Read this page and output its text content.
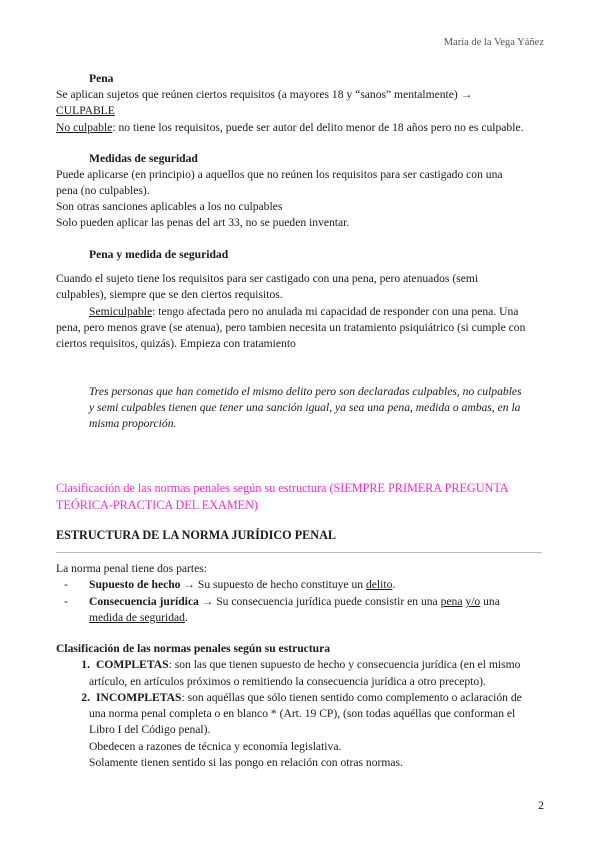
María de la Vega Yáñez
Pena
Se aplican sujetos que reúnen ciertos requisitos (a mayores 18 y “sanos” mentalmente) →
CULPABLE
No culpable: no tiene los requisitos, puede ser autor del delito menor de 18 años pero no es culpable.
Medidas de seguridad
Puede aplicarse (en principio) a aquellos que no reúnen los requisitos para ser castigado con una
pena (no culpables).
Son otras sanciones aplicables a los no culpables
Solo pueden aplicar las penas del art 33, no se pueden inventar.
Pena y medida de seguridad
Cuando el sujeto tiene los requisitos para ser castigado con una pena, pero atenuados (semi
culpables), siempre que se den ciertos requisitos.
Semiculpable: tengo afectada pero no anulada mi capacidad de responder con una pena. Una
pena, pero menos grave (se atenua), pero tambien necesita un tratamiento psiquiátrico (si cumple con
ciertos requisitos, quizás). Empieza con tratamiento
Tres personas que han cometido el mismo delito pero son declaradas culpables, no culpables
y semi culpables tienen que tener una sanción igual, ya sea una pena, medida o ambas, en la
misma proporción.
Clasificación de las normas penales según su estructura (SIEMPRE PRIMERA PREGUNTA
TEÓRICA-PRACTICA DEL EXAMEN)
ESTRUCTURA DE LA NORMA JURÍDICO PENAL
La norma penal tiene dos partes:
- Supuesto de hecho → Su supuesto de hecho constituye un delito.
- Consecuencia jurídica → Su consecuencia jurídica puede consistir en una pena y/o una
medida de seguridad.
Clasificación de las normas penales según su estructura
1. COMPLETAS: son las que tienen supuesto de hecho y consecuencia jurídica (en el mismo
artículo, en artículos próximos o remitiendo la consecuencia jurídica a otro precepto).
2. INCOMPLETAS: son aquéllas que sólo tienen sentido como complemento o aclaración de
una norma penal completa o en blanco * (Art. 19 CP), (son todas aquéllas que conforman el
Libro I del Código penal).
Obedecen a razones de técnica y economía legislativa.
Solamente tienen sentido si las pongo en relación con otras normas.
2
